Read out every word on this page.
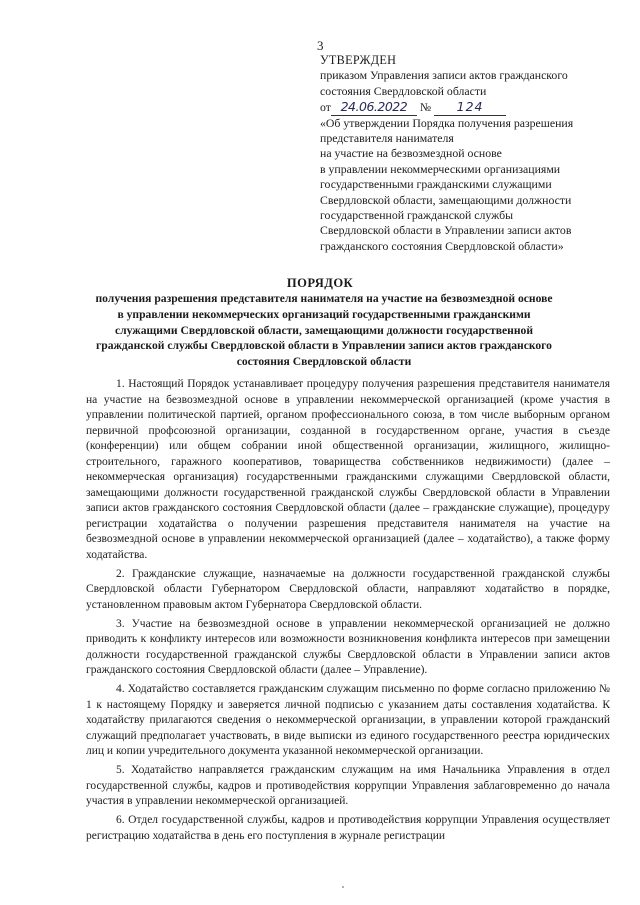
3
УТВЕРЖДЕН
приказом Управления записи актов гражданского
состояния Свердловской области
от 24.06.2022 № 124
«Об утверждении Порядка получения разрешения
представителя нанимателя
на участие на безвозмездной основе
в управлении некоммерческими организациями
государственными гражданскими служащими
Свердловской области, замещающими должности
государственной гражданской службы
Свердловской области в Управлении записи актов
гражданского состояния Свердловской области»
ПОРЯДОК
получения разрешения представителя нанимателя на участие на безвозмездной основе
в управлении некоммерческих организаций государственными гражданскими
служащими Свердловской области, замещающими должности государственной
гражданской службы Свердловской области в Управлении записи актов гражданского
состояния Свердловской области

1. Настоящий Порядок устанавливает процедуру получения разрешения представителя нанимателя на участие на безвозмездной основе в управлении некоммерческой организацией (кроме участия в управлении политической партией, органом профессионального союза, в том числе выборным органом первичной профсоюзной организации, созданной в государственном органе, участия в съезде (конференции) или общем собрании иной общественной организации, жилищного, жилищно-строительного, гаражного кооперативов, товарищества собственников недвижимости) (далее – некоммерческая организация) государственными гражданскими служащими Свердловской области, замещающими должности государственной гражданской службы Свердловской области в Управлении записи актов гражданского состояния Свердловской области (далее – гражданские служащие), процедуру регистрации ходатайства о получении разрешения представителя нанимателя на участие на безвозмездной основе в управлении некоммерческой организацией (далее – ходатайство), а также форму ходатайства.

2. Гражданские служащие, назначаемые на должности государственной гражданской службы Свердловской области Губернатором Свердловской области, направляют ходатайство в порядке, установленном правовым актом Губернатора Свердловской области.

3. Участие на безвозмездной основе в управлении некоммерческой организацией не должно приводить к конфликту интересов или возможности возникновения конфликта интересов при замещении должности государственной гражданской службы Свердловской области в Управлении записи актов гражданского состояния Свердловской области (далее – Управление).

4. Ходатайство составляется гражданским служащим письменно по форме согласно приложению № 1 к настоящему Порядку и заверяется личной подписью с указанием даты составления ходатайства. К ходатайству прилагаются сведения о некоммерческой организации, в управлении которой гражданский служащий предполагает участвовать, в виде выписки из единого государственного реестра юридических лиц и копии учредительного документа указанной некоммерческой организации.

5. Ходатайство направляется гражданским служащим на имя Начальника Управления в отдел государственной службы, кадров и противодействия коррупции Управления заблаговременно до начала участия в управлении некоммерческой организацией.

6. Отдел государственной службы, кадров и противодействия коррупции Управления осуществляет регистрацию ходатайства в день его поступления в журнале регистрации
